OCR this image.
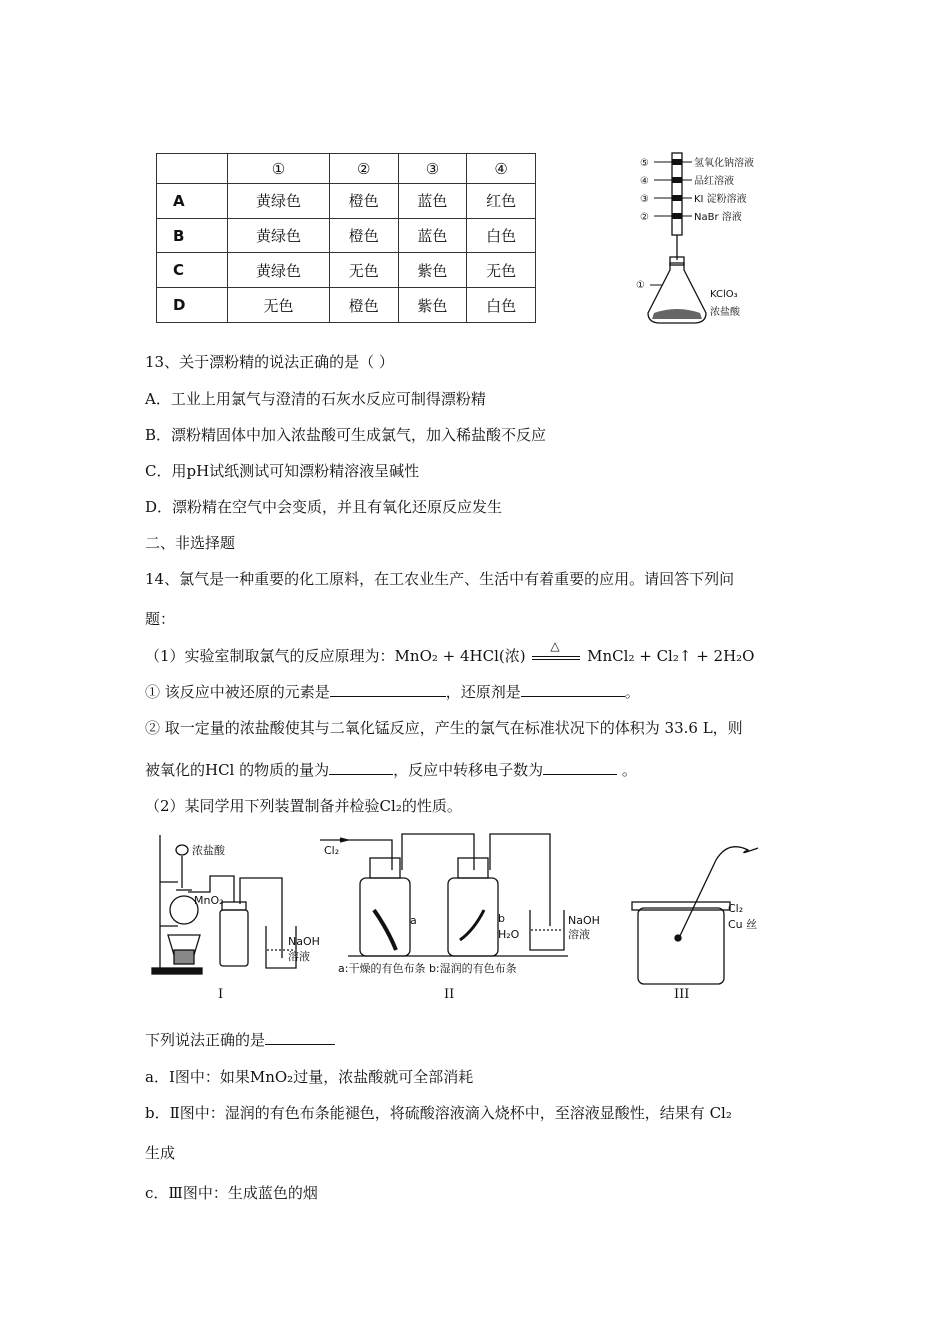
	①	②	③	④
A	黄绿色	橙色	蓝色	红色
B	黄绿色	橙色	蓝色	白色
C	黄绿色	无色	紫色	无色
D	无色	橙色	紫色	白色
⑤
④
③
②
①
氢氧化钠溶液
品红溶液
KI 淀粉溶液
NaBr 溶液
KClO₃
浓盐酸
13、关于漂粉精的说法正确的是（ ）
A．工业上用氯气与澄清的石灰水反应可制得漂粉精
B．漂粉精固体中加入浓盐酸可生成氯气，加入稀盐酸不反应
C．用pH试纸测试可知漂粉精溶液呈碱性
D．漂粉精在空气中会变质，并且有氧化还原反应发生
二、非选择题
14、氯气是一种重要的化工原料，在工农业生产、生活中有着重要的应用。请回答下列问
题：
（1）实验室制取氯气的反应原理为：MnO₂ + 4HCl(浓)
△
MnCl₂ + Cl₂↑ + 2H₂O
① 该反应中被还原的元素是	，还原剂是	。
② 取一定量的浓盐酸使其与二氧化锰反应，产生的氯气在标准状况下的体积为 33.6 L，则
被氧化的HCl 的物质的量为	，反应中转移电子数为	。
（2）某同学用下列装置制备并检验Cl₂的性质。
浓盐酸
MnO₂
NaOH
溶液
Cl₂
a	b
H₂O
NaOH
溶液
a:干燥的有色布条 b:湿润的有色布条
Cl₂
Cu 丝
I	II	III
下列说法正确的是
a．Ⅰ图中：如果MnO₂过量，浓盐酸就可全部消耗
b．Ⅱ图中：湿润的有色布条能褪色，将硫酸溶液滴入烧杯中，至溶液显酸性，结果有 Cl₂
生成
c．Ⅲ图中：生成蓝色的烟
